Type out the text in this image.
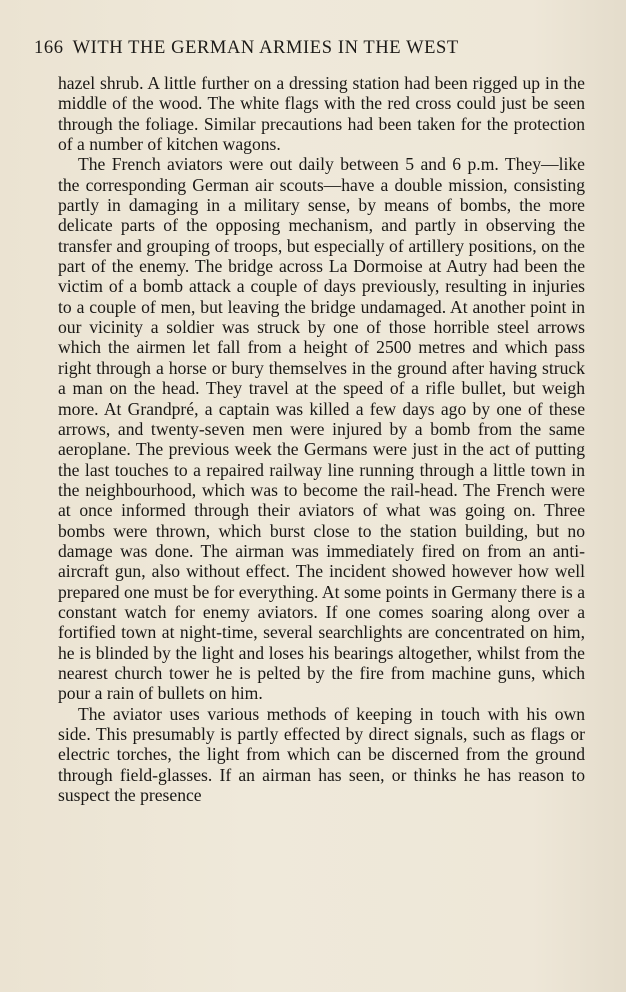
166 WITH THE GERMAN ARMIES IN THE WEST

hazel shrub. A little further on a dressing station had been rigged up in the middle of the wood. The white flags with the red cross could just be seen through the foliage. Similar precautions had been taken for the protection of a number of kitchen wagons.

The French aviators were out daily between 5 and 6 p.m. They—like the corresponding German air scouts—have a double mission, consisting partly in damaging in a military sense, by means of bombs, the more delicate parts of the opposing mechanism, and partly in observing the transfer and grouping of troops, but especially of artillery positions, on the part of the enemy. The bridge across La Dormoise at Autry had been the victim of a bomb attack a couple of days previously, resulting in injuries to a couple of men, but leaving the bridge undamaged. At another point in our vicinity a soldier was struck by one of those horrible steel arrows which the airmen let fall from a height of 2500 metres and which pass right through a horse or bury themselves in the ground after having struck a man on the head. They travel at the speed of a rifle bullet, but weigh more. At Grandpré, a captain was killed a few days ago by one of these arrows, and twenty-seven men were injured by a bomb from the same aeroplane. The previous week the Germans were just in the act of putting the last touches to a repaired railway line running through a little town in the neighbourhood, which was to become the rail-head. The French were at once informed through their aviators of what was going on. Three bombs were thrown, which burst close to the station building, but no damage was done. The airman was immediately fired on from an anti-aircraft gun, also without effect. The incident showed however how well prepared one must be for everything. At some points in Germany there is a constant watch for enemy aviators. If one comes soaring along over a fortified town at night-time, several searchlights are concentrated on him, he is blinded by the light and loses his bearings altogether, whilst from the nearest church tower he is pelted by the fire from machine guns, which pour a rain of bullets on him.

The aviator uses various methods of keeping in touch with his own side. This presumably is partly effected by direct signals, such as flags or electric torches, the light from which can be discerned from the ground through field-glasses. If an airman has seen, or thinks he has reason to suspect the presence
